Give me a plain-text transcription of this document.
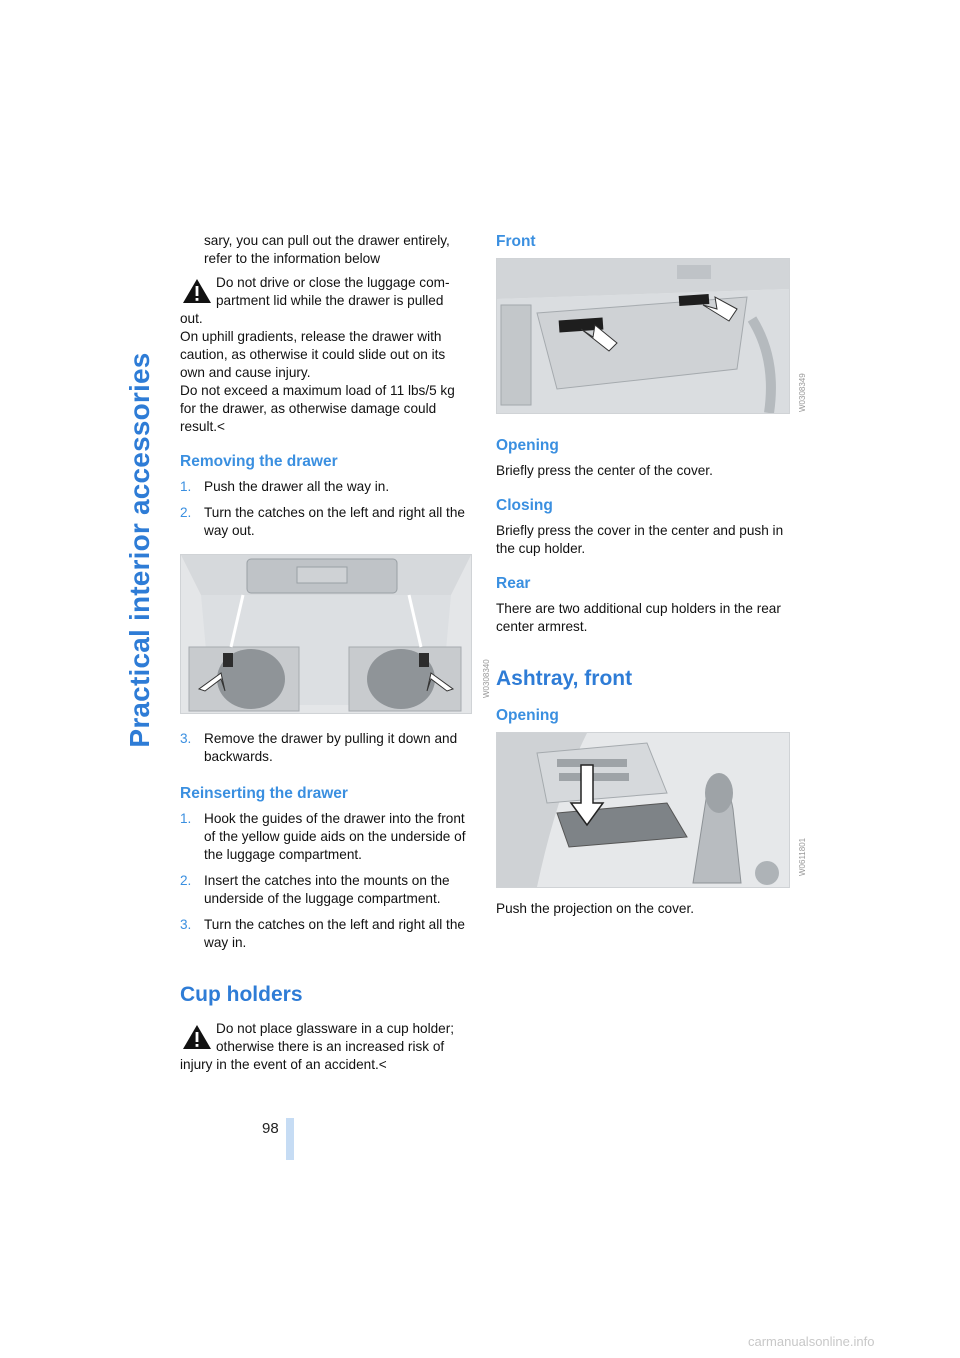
Practical interior accessories
98

sary, you can pull out the drawer entirely, refer to the information below

Do not drive or close the luggage com-

partment lid while the drawer is pulled

out.

On uphill gradients, release the drawer with caution, as otherwise it could slide out on its own and cause injury.

Do not exceed a maximum load of 11 lbs/5 kg for the drawer, as otherwise damage could result.<

Removing the drawer
1. Push the drawer all the way in.
2. Turn the catches on the left and right all the way out.
3. Remove the drawer by pulling it down and backwards.
Reinserting the drawer
1. Hook the guides of the drawer into the front of the yellow guide aids on the underside of the luggage compartment.
2. Insert the catches into the mounts on the underside of the luggage compartment.
3. Turn the catches on the left and right all the way in.
Cup holders

Do not place glassware in a cup holder;

otherwise there is an increased risk of

injury in the event of an accident.<

Front
Opening

Briefly press the center of the cover.

Closing

Briefly press the cover in the center and push in the cup holder.

Rear

There are two additional cup holders in the rear center armrest.

Ashtray, front
Opening

Push the projection on the cover.

W0308340
W0308349
W0611801
carmanualsonline.info
